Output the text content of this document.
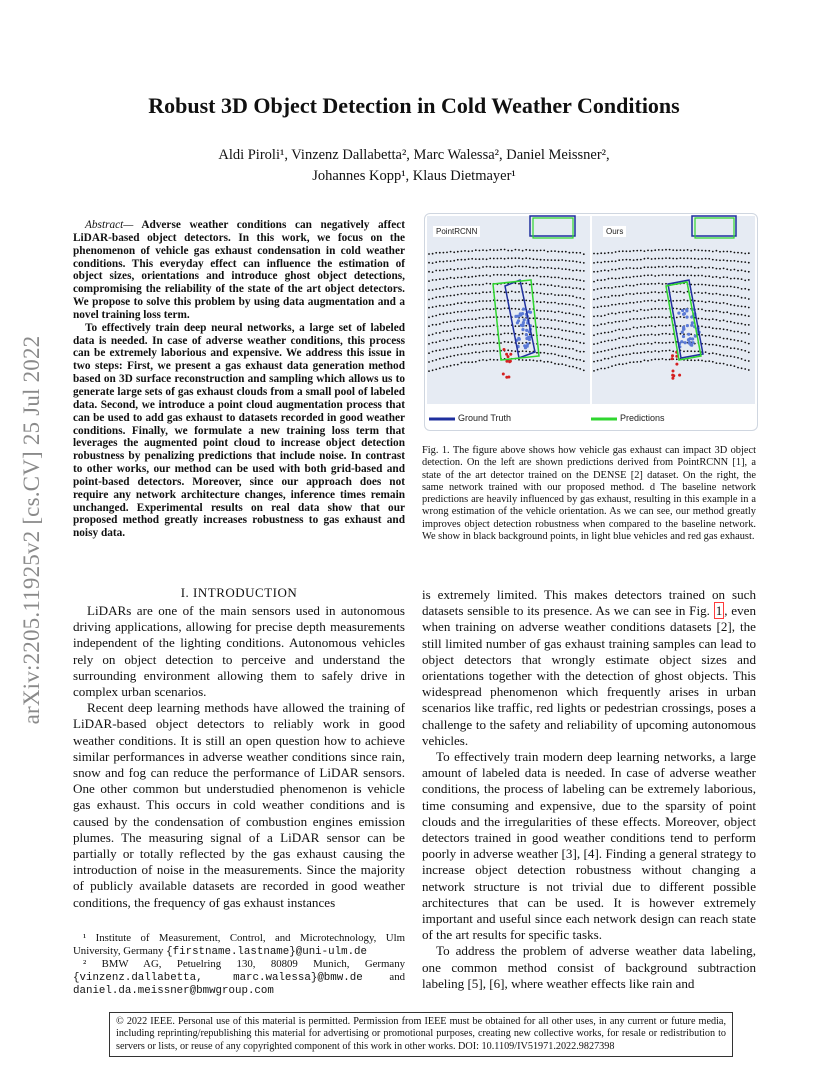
arXiv:2205.11925v2 [cs.CV] 25 Jul 2022
Robust 3D Object Detection in Cold Weather Conditions
Aldi Piroli¹, Vinzenz Dallabetta², Marc Walessa², Daniel Meissner²,
Johannes Kopp¹, Klaus Dietmayer¹

Abstract— Adverse weather conditions can negatively affect LiDAR-based object detectors. In this work, we focus on the phenomenon of vehicle gas exhaust condensation in cold weather conditions. This everyday effect can influence the estimation of object sizes, orientations and introduce ghost object detections, compromising the reliability of the state of the art object detectors. We propose to solve this problem by using data augmentation and a novel training loss term.

To effectively train deep neural networks, a large set of labeled data is needed. In case of adverse weather conditions, this process can be extremely laborious and expensive. We address this issue in two steps: First, we present a gas exhaust data generation method based on 3D surface reconstruction and sampling which allows us to generate large sets of gas exhaust clouds from a small pool of labeled data. Second, we introduce a point cloud augmentation process that can be used to add gas exhaust to datasets recorded in good weather conditions. Finally, we formulate a new training loss term that leverages the augmented point cloud to increase object detection robustness by penalizing predictions that include noise. In contrast to other works, our method can be used with both grid-based and point-based detectors. Moreover, since our approach does not require any network architecture changes, inference times remain unchanged. Experimental results on real data show that our proposed method greatly increases robustness to gas exhaust and noisy data.

PointRCNN	Ours
Ground Truth	Predictions
Fig. 1. The figure above shows how vehicle gas exhaust can impact 3D object detection. On the left are shown predictions derived from PointRCNN [1], a state of the art detector trained on the DENSE [2] dataset. On the right, the same network trained with our proposed method. d The baseline network predictions are heavily influenced by gas exhaust, resulting in this example in a wrong estimation of the vehicle orientation. As we can see, our method greatly improves object detection robustness when compared to the baseline network. We show in black background points, in light blue vehicles and red gas exhaust.
I. INTRODUCTION

LiDARs are one of the main sensors used in autonomous driving applications, allowing for precise depth measurements independent of the lighting conditions. Autonomous vehicles rely on object detection to perceive and understand the surrounding environment allowing them to safely drive in complex urban scenarios.

Recent deep learning methods have allowed the training of LiDAR-based object detectors to reliably work in good weather conditions. It is still an open question how to achieve similar performances in adverse weather conditions since rain, snow and fog can reduce the performance of LiDAR sensors. One other common but understudied phenomenon is vehicle gas exhaust. This occurs in cold weather conditions and is caused by the condensation of combustion engines emission plumes. The measuring signal of a LiDAR sensor can be partially or totally reflected by the gas exhaust causing the introduction of noise in the measurements. Since the majority of publicly available datasets are recorded in good weather conditions, the frequency of gas exhaust instances

¹ Institute of Measurement, Control, and Microtechnology, Ulm University, Germany {firstname.lastname}@uni-ulm.de

² BMW AG, Petuelring 130, 80809 Munich, Germany {vinzenz.dallabetta, marc.walessa}@bmw.de and daniel.da.meissner@bmwgroup.com

is extremely limited. This makes detectors trained on such datasets sensible to its presence. As we can see in Fig. 1 , even when training on adverse weather conditions datasets [2], the still limited number of gas exhaust training samples can lead to object detectors that wrongly estimate object sizes and orientations together with the detection of ghost objects. This widespread phenomenon which frequently arises in urban scenarios like traffic, red lights or pedestrian crossings, poses a challenge to the safety and reliability of upcoming autonomous vehicles.

To effectively train modern deep learning networks, a large amount of labeled data is needed. In case of adverse weather conditions, the process of labeling can be extremely laborious, time consuming and expensive, due to the sparsity of point clouds and the irregularities of these effects. Moreover, object detectors trained in good weather conditions tend to perform poorly in adverse weather [3], [4]. Finding a general strategy to increase object detection robustness without changing a network structure is not trivial due to different possible architectures that can be used. It is however extremely important and useful since each network design can reach state of the art results for specific tasks.

To address the problem of adverse weather data labeling, one common method consist of background subtraction labeling [5], [6], where weather effects like rain and

© 2022 IEEE. Personal use of this material is permitted. Permission from IEEE must be obtained for all other uses, in any current or future media, including reprinting/republishing this material for advertising or promotional purposes, creating new collective works, for resale or redistribution to servers or lists, or reuse of any copyrighted component of this work in other works. DOI: 10.1109/IV51971.2022.9827398
